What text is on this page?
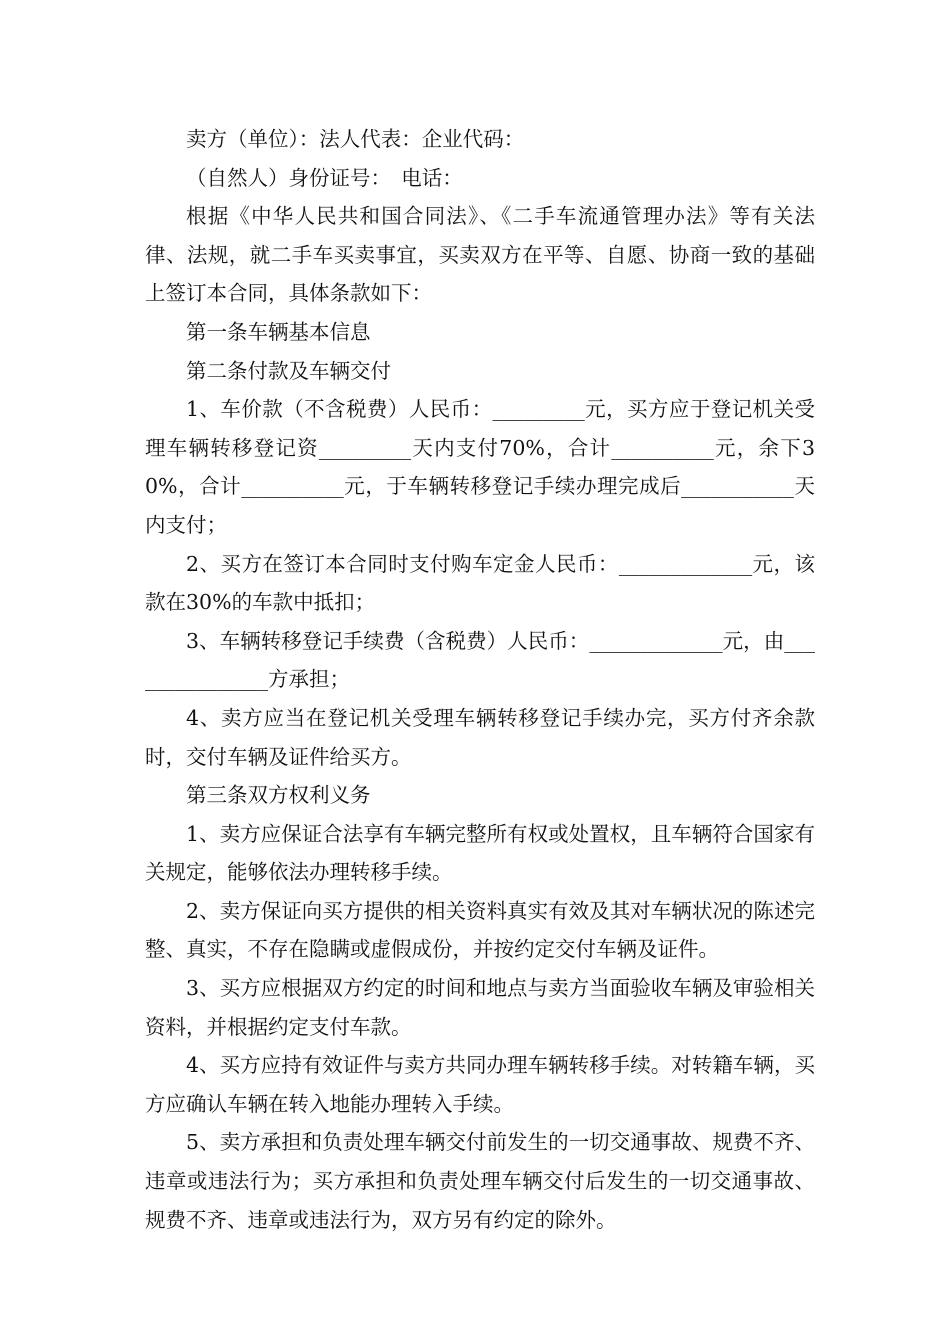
卖方（单位）：法人代表：企业代码：

（自然人）身份证号：　电话：

根据《中华人民共和国合同法》、《二手车流通管理办法》等有关法律、法规，就二手车买卖事宜，买卖双方在平等、自愿、协商一致的基础上签订本合同，具体条款如下：

第一条车辆基本信息

第二条付款及车辆交付

1、车价款（不含税费）人民币：_________元，买方应于登记机关受理车辆转移登记资_________天内支付70%，合计__________元，余下30%，合计__________元，于车辆转移登记手续办理完成后___________天内支付；

2、买方在签订本合同时支付购车定金人民币：_____________元，该款在30%的车款中抵扣；

3、车辆转移登记手续费（含税费）人民币：_____________元，由_______________方承担；

4、卖方应当在登记机关受理车辆转移登记手续办完，买方付齐余款时，交付车辆及证件给买方。

第三条双方权利义务

1、卖方应保证合法享有车辆完整所有权或处置权，且车辆符合国家有关规定，能够依法办理转移手续。

2、卖方保证向买方提供的相关资料真实有效及其对车辆状况的陈述完整、真实，不存在隐瞒或虚假成份，并按约定交付车辆及证件。

3、买方应根据双方约定的时间和地点与卖方当面验收车辆及审验相关资料，并根据约定支付车款。

4、买方应持有效证件与卖方共同办理车辆转移手续。对转籍车辆，买方应确认车辆在转入地能办理转入手续。

5、卖方承担和负责处理车辆交付前发生的一切交通事故、规费不齐、违章或违法行为；买方承担和负责处理车辆交付后发生的一切交通事故、规费不齐、违章或违法行为，双方另有约定的除外。
